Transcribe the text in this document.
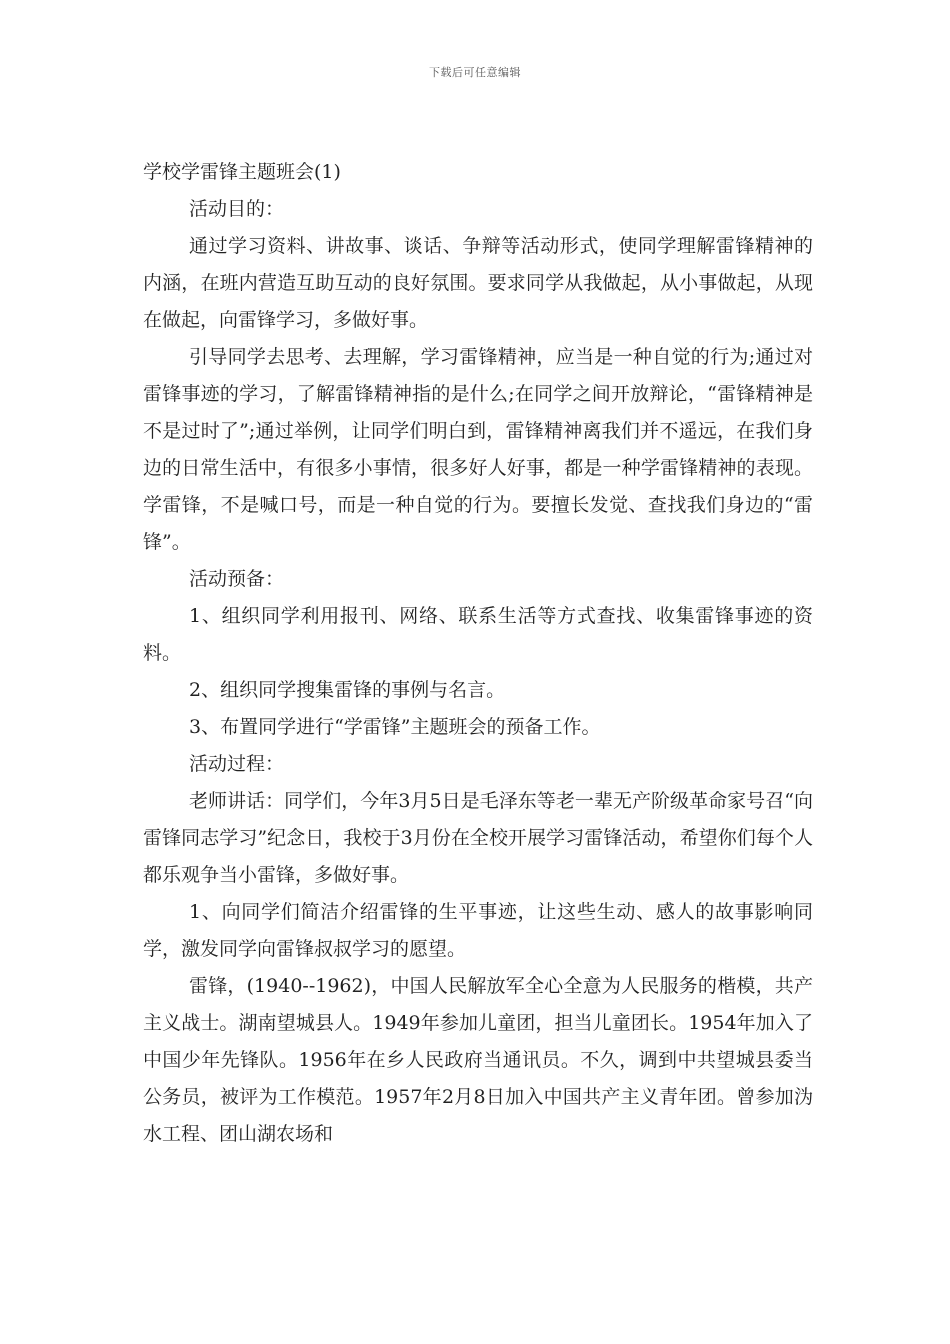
下载后可任意编辑
学校学雷锋主题班会(1)

活动目的：

通过学习资料、讲故事、谈话、争辩等活动形式，使同学理解雷锋精神的内涵，在班内营造互助互动的良好氛围。要求同学从我做起，从小事做起，从现在做起，向雷锋学习，多做好事。

引导同学去思考、去理解，学习雷锋精神，应当是一种自觉的行为;通过对雷锋事迹的学习，了解雷锋精神指的是什么;在同学之间开放辩论，“雷锋精神是不是过时了”;通过举例，让同学们明白到，雷锋精神离我们并不遥远，在我们身边的日常生活中，有很多小事情，很多好人好事，都是一种学雷锋精神的表现。学雷锋，不是喊口号，而是一种自觉的行为。要擅长发觉、查找我们身边的“雷锋”。

活动预备：

1、组织同学利用报刊、网络、联系生活等方式查找、收集雷锋事迹的资料。

2、组织同学搜集雷锋的事例与名言。

3、布置同学进行“学雷锋”主题班会的预备工作。

活动过程：

老师讲话：同学们，今年3月5日是毛泽东等老一辈无产阶级革命家号召“向雷锋同志学习”纪念日，我校于3月份在全校开展学习雷锋活动，希望你们每个人都乐观争当小雷锋，多做好事。

1、向同学们简洁介绍雷锋的生平事迹，让这些生动、感人的故事影响同学，激发同学向雷锋叔叔学习的愿望。

雷锋，(1940--1962)，中国人民解放军全心全意为人民服务的楷模，共产主义战士。湖南望城县人。1949年参加儿童团，担当儿童团长。1954年加入了中国少年先锋队。1956年在乡人民政府当通讯员。不久，调到中共望城县委当公务员，被评为工作模范。1957年2月8日加入中国共产主义青年团。曾参加沩水工程、团山湖农场和
